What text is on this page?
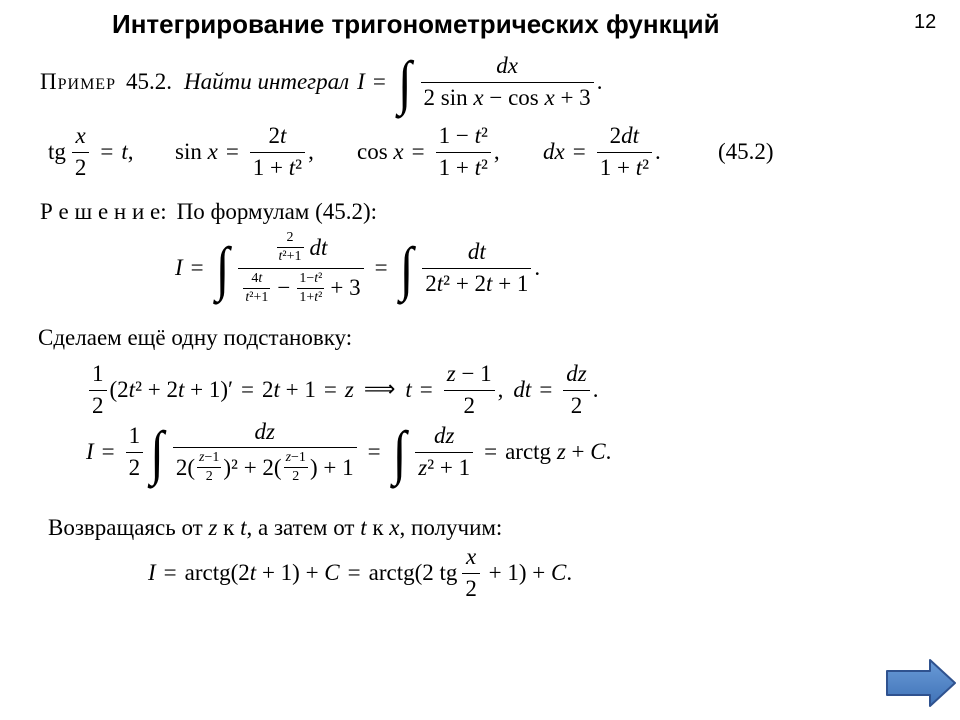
Интегрирование тригонометрических функций	12
Пример 45.2. Найти интеграл I = ∫ $\frac{dx}{\text{2 sin x − cos x + 3}}$ .
tg $\frac{x}{2} = t$ , $\sin x = \frac{2 t}{\text{1 + t ²}}$ , $\cos x = \frac{\text{1 − t ²}}{\text{1 + t ²}}$ , dx = $\frac{2 dt}{\text{1 + t ²}}$ . (45.2)
Р е ш е н и е: По формулам (45.2):
I = ∫	$\frac{2}{\text{t ² +1}}$ dt
$\frac{4 t}{\text{t ² +1}} - \frac{\text{1− t ²}}{\text{1+ t ²}} + 3$
= ∫ $\frac{dt}{\text{2 t ² + 2 t + 1}}$ .
Сделаем ещё одну подстановку:
$\frac{1}{2} (2$ t ² + 2 t + 1)′ = 2 t + 1 = z ⟹ $t = \frac{z - 1}{2}$ , dt = $\frac{dz}{2}$ .
$I = \frac{1}{2}$ ∫	dz
$2( \frac{z -1}{2} )^2 + 2( \frac{z -1}{2}$ ) + 1
= ∫ $\frac{dz}{\text{z ² + 1}}$ = arctg z + C .
Возвращаясь от z к t , а затем от t к x , получим:
I = arctg(2 t + 1) + C = arctg(2 tg $\frac{x}{2} + 1) + C$ .
